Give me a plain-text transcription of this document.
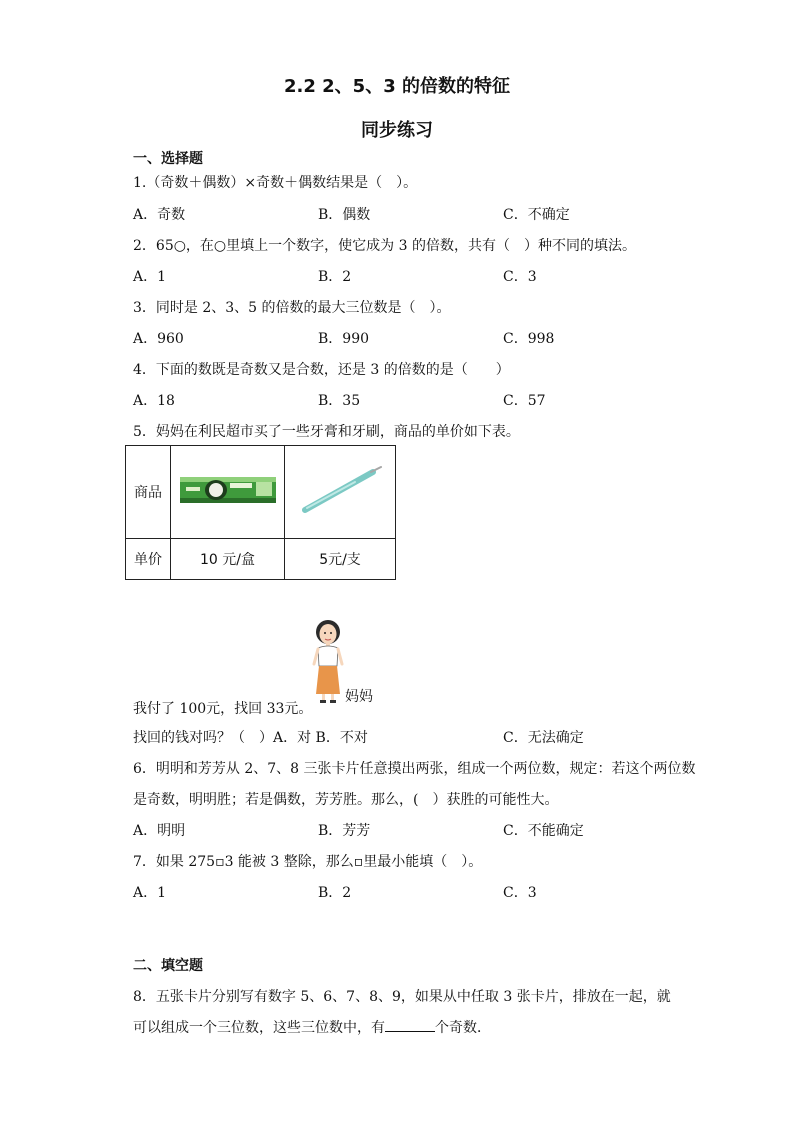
2.2 2、5、3 的倍数的特征
同步练习
一、选择题
1.（奇数＋偶数）×奇数＋偶数结果是（　）。
A．奇数	B．偶数	C．不确定
2．65○，在○里填上一个数字，使它成为 3 的倍数，共有（　）种不同的填法。
A．1	B．2	C．3
3．同时是 2、3、5 的倍数的最大三位数是（　）。
A．960	B．990	C．998
4．下面的数既是奇数又是合数，还是 3 的倍数的是（　　）
A．18	B．35	C．57
5．妈妈在利民超市买了一些牙膏和牙刷，商品的单价如下表。
商品		
单价	10 元/盒	5元/支
妈妈
我付了 100元，找回 33元。
找回的钱对吗？（　）A．对 B．不对	C．无法确定
6．明明和芳芳从 2、7、8 三张卡片任意摸出两张，组成一个两位数，规定：若这个两位数
是奇数，明明胜；若是偶数，芳芳胜。那么，(　）获胜的可能性大。
A．明明	B．芳芳	C．不能确定
7．如果 275▫3 能被 3 整除，那么▫里最小能填（　）。
A．1	B．2	C．3
二、填空题
8．五张卡片分别写有数字 5、6、7、8、9，如果从中任取 3 张卡片，排放在一起，就
可以组成一个三位数，这些三位数中，有	个奇数．
